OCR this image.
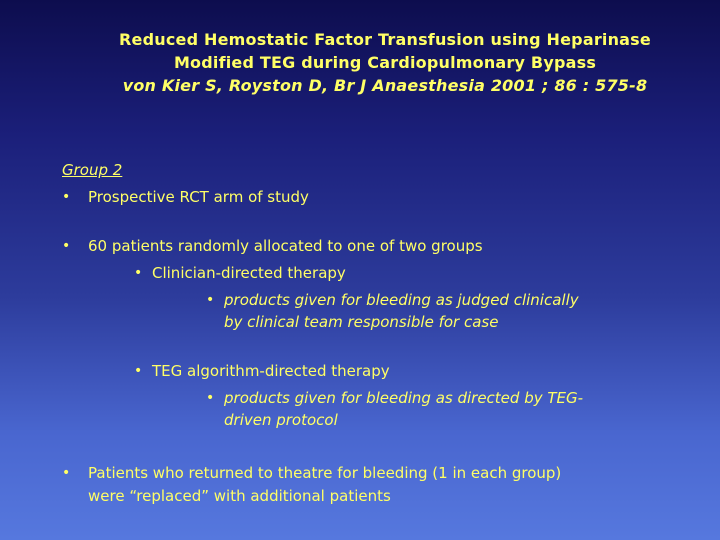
Reduced Hemostatic Factor Transfusion using Heparinase
Modified TEG during Cardiopulmonary Bypass
von Kier S, Royston D, Br J Anaesthesia 2001 ; 86 : 575-8
Group 2
• Prospective RCT arm of study
• 60 patients randomly allocated to one of two groups
• Clinician-directed therapy
• products given for bleeding as judged clinically
by clinical team responsible for case
• TEG algorithm-directed therapy
• products given for bleeding as directed by TEG-
driven protocol
• Patients who returned to theatre for bleeding (1 in each group)
were “replaced” with additional patients
